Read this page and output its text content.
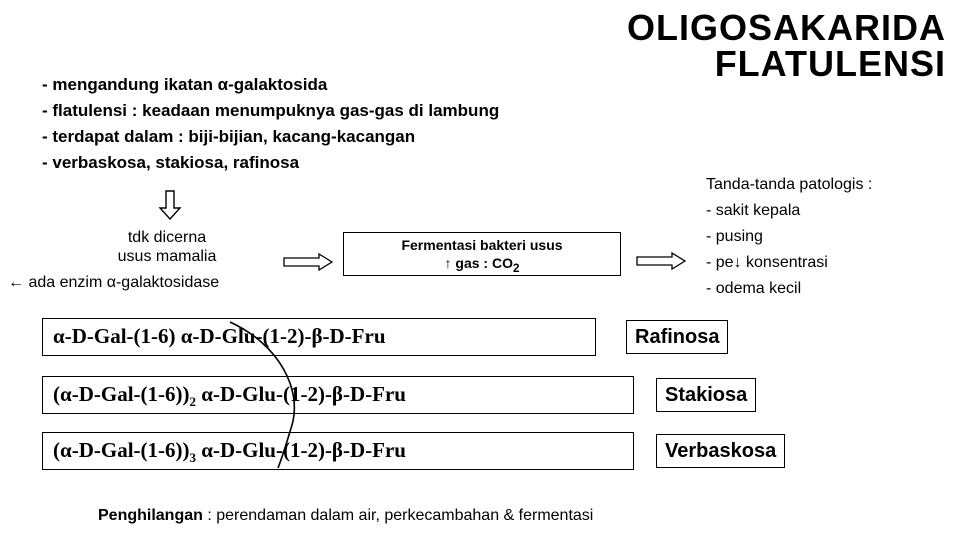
OLIGOSAKARIDA
FLATULENSI
- mengandung ikatan α-galaktosida
- flatulensi : keadaan menumpuknya gas-gas di lambung
- terdapat dalam : biji-bijian, kacang-kacangan
- verbaskosa, stakiosa, rafinosa
tdk dicerna
usus mamalia
← ada enzim α-galaktosidase
Fermentasi bakteri usus
↑ gas : $CO_2$
Tanda-tanda patologis :
- sakit kepala
- pusing
- pe↓ konsentrasi
- odema kecil
α-D-Gal-(1-6) α-D-Glu-(1-2)-β-D-Fru	Rafinosa
$(\alpha-D-Gal-(1-6))_2$ α-D-Glu-(1-2)-β-D-Fru	Stakiosa
$(\alpha-D-Gal-(1-6))_3$ α-D-Glu-(1-2)-β-D-Fru	Verbaskosa
Penghilangan : perendaman dalam air, perkecambahan & fermentasi
